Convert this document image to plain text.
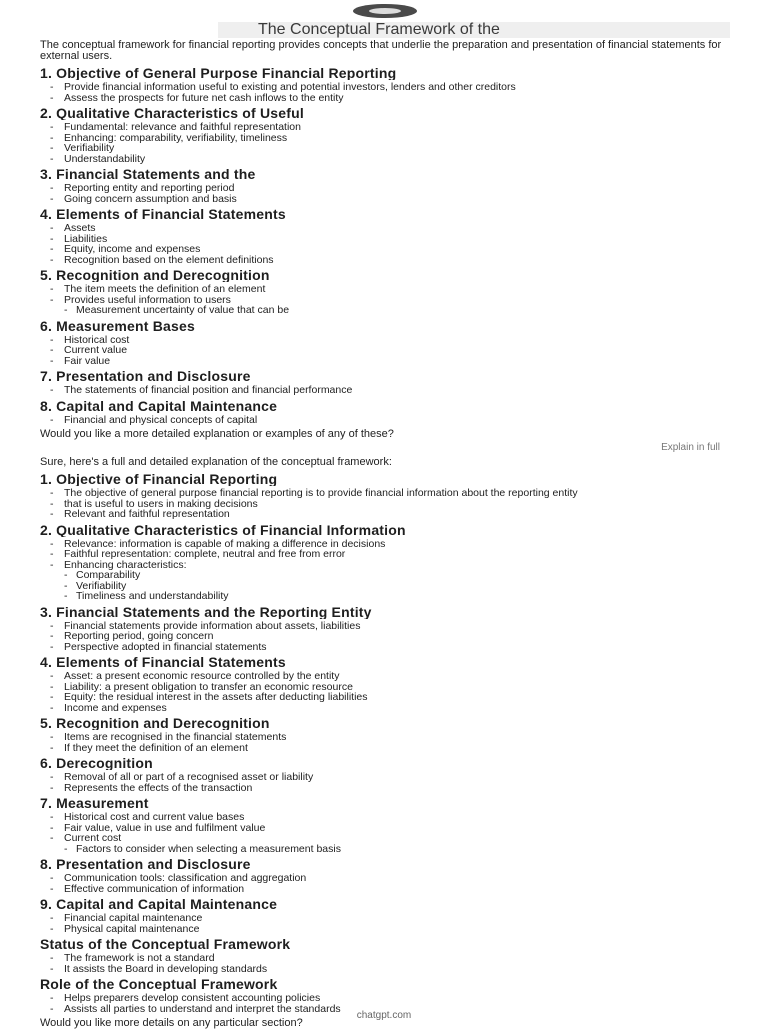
The Conceptual Framework of the
The conceptual framework for financial reporting provides concepts that underlie the preparation and presentation of financial statements for external users.
1. Objective of General Purpose Financial Reporting
- Provide financial information useful to existing and potential investors, lenders and other creditors
- Assess the prospects for future net cash inflows to the entity
2. Qualitative Characteristics of Useful
- Fundamental: relevance and faithful representation
- Enhancing: comparability, verifiability, timeliness
- Verifiability
- Understandability
3. Financial Statements and the
- Reporting entity and reporting period
- Going concern assumption and basis
4. Elements of Financial Statements
- Assets
- Liabilities
- Equity, income and expenses
- Recognition based on the element definitions
5. Recognition and Derecognition
- The item meets the definition of an element
- Provides useful information to users
- Measurement uncertainty of value that can be
6. Measurement Bases
- Historical cost
- Current value
- Fair value
7. Presentation and Disclosure
- The statements of financial position and financial performance
8. Capital and Capital Maintenance
- Financial and physical concepts of capital
Would you like a more detailed explanation or examples of any of these?
Explain in full
Sure, here's a full and detailed explanation of the conceptual framework:
1. Objective of Financial Reporting
- The objective of general purpose financial reporting is to provide financial information about the reporting entity
- that is useful to users in making decisions
- Relevant and faithful representation
2. Qualitative Characteristics of Financial Information
- Relevance: information is capable of making a difference in decisions
- Faithful representation: complete, neutral and free from error
- Enhancing characteristics:
- Comparability
- Verifiability
- Timeliness and understandability
3. Financial Statements and the Reporting Entity
- Financial statements provide information about assets, liabilities
- Reporting period, going concern
- Perspective adopted in financial statements
4. Elements of Financial Statements
- Asset: a present economic resource controlled by the entity
- Liability: a present obligation to transfer an economic resource
- Equity: the residual interest in the assets after deducting liabilities
- Income and expenses
5. Recognition and Derecognition
- Items are recognised in the financial statements
- If they meet the definition of an element
6. Derecognition
- Removal of all or part of a recognised asset or liability
- Represents the effects of the transaction
7. Measurement
- Historical cost and current value bases
- Fair value, value in use and fulfilment value
- Current cost
- Factors to consider when selecting a measurement basis
8. Presentation and Disclosure
- Communication tools: classification and aggregation
- Effective communication of information
9. Capital and Capital Maintenance
- Financial capital maintenance
- Physical capital maintenance
Status of the Conceptual Framework
- The framework is not a standard
- It assists the Board in developing standards
Role of the Conceptual Framework
- Helps preparers develop consistent accounting policies
- Assists all parties to understand and interpret the standards
Would you like more details on any particular section?
chatgpt.com
